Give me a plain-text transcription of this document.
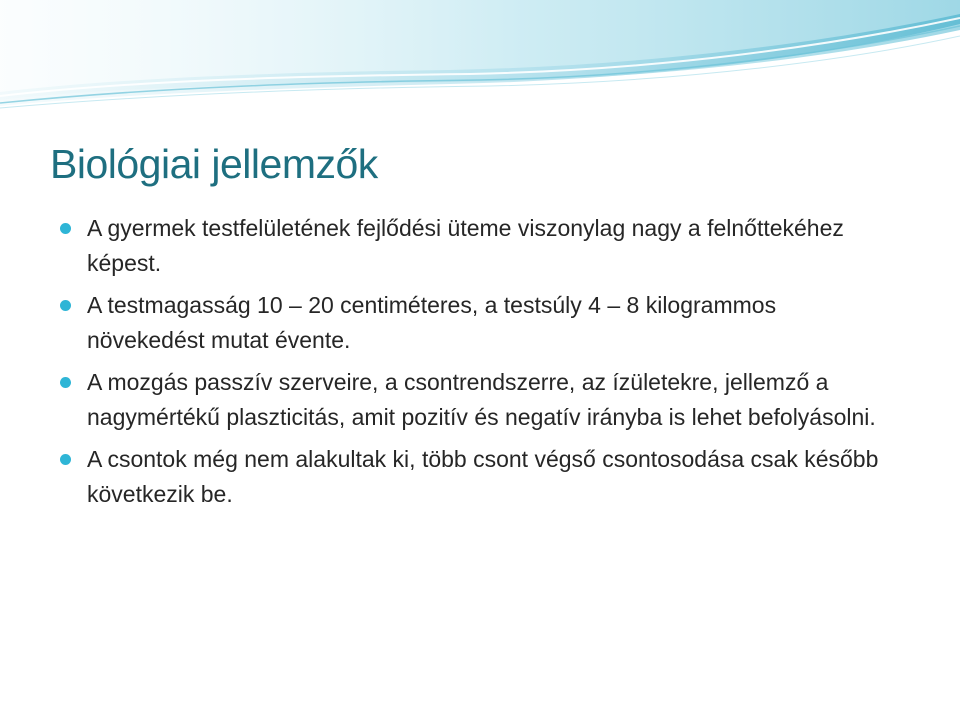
Biológiai jellemzők
A gyermek testfelületének fejlődési üteme viszonylag nagy a felnőttekéhez képest.
A testmagasság 10 – 20 centiméteres, a testsúly 4 – 8 kilogrammos növekedést mutat évente.
A mozgás passzív szerveire, a csontrendszerre, az ízületekre, jellemző a nagymértékű plaszticitás, amit pozitív és negatív irányba is lehet befolyásolni.
A csontok még nem alakultak ki, több csont végső csontosodása csak később következik be.
